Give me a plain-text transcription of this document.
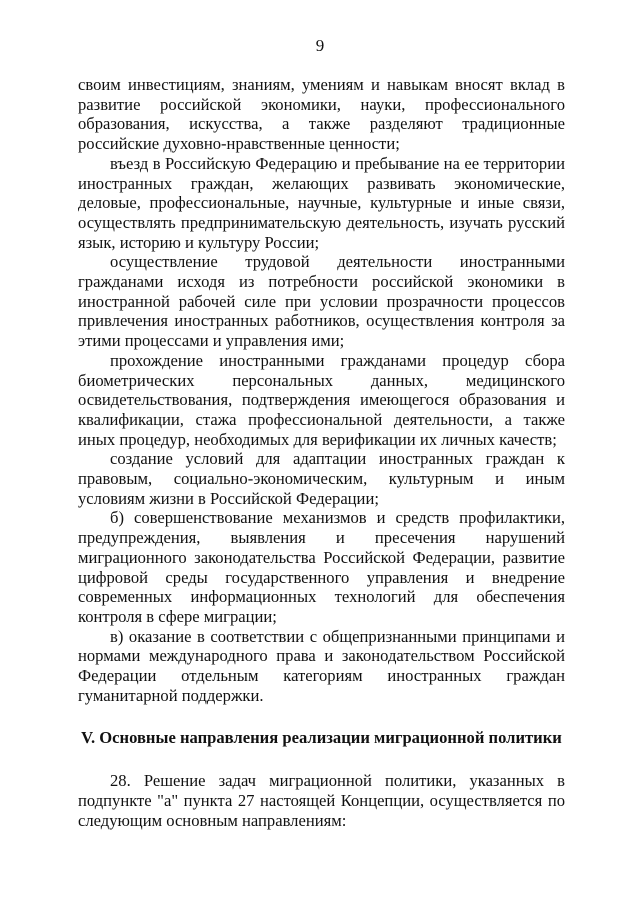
9

своим инвестициям, знаниям, умениям и навыкам вносят вклад в развитие российской экономики, науки, профессионального образования, искусства, а также разделяют традиционные российские духовно-нравственные ценности;

въезд в Российскую Федерацию и пребывание на ее территории иностранных граждан, желающих развивать экономические, деловые, профессиональные, научные, культурные и иные связи, осуществлять предпринимательскую деятельность, изучать русский язык, историю и культуру России;

осуществление трудовой деятельности иностранными гражданами исходя из потребности российской экономики в иностранной рабочей силе при условии прозрачности процессов привлечения иностранных работников, осуществления контроля за этими процессами и управления ими;

прохождение иностранными гражданами процедур сбора биометрических персональных данных, медицинского освидетельствования, подтверждения имеющегося образования и квалификации, стажа профессиональной деятельности, а также иных процедур, необходимых для верификации их личных качеств;

создание условий для адаптации иностранных граждан к правовым, социально-экономическим, культурным и иным условиям жизни в Российской Федерации;

б) совершенствование механизмов и средств профилактики, предупреждения, выявления и пресечения нарушений миграционного законодательства Российской Федерации, развитие цифровой среды государственного управления и внедрение современных информационных технологий для обеспечения контроля в сфере миграции;

в) оказание в соответствии с общепризнанными принципами и нормами международного права и законодательством Российской Федерации отдельным категориям иностранных граждан гуманитарной поддержки.

V. Основные направления реализации миграционной политики

28. Решение задач миграционной политики, указанных в подпункте "а" пункта 27 настоящей Концепции, осуществляется по следующим основным направлениям:
